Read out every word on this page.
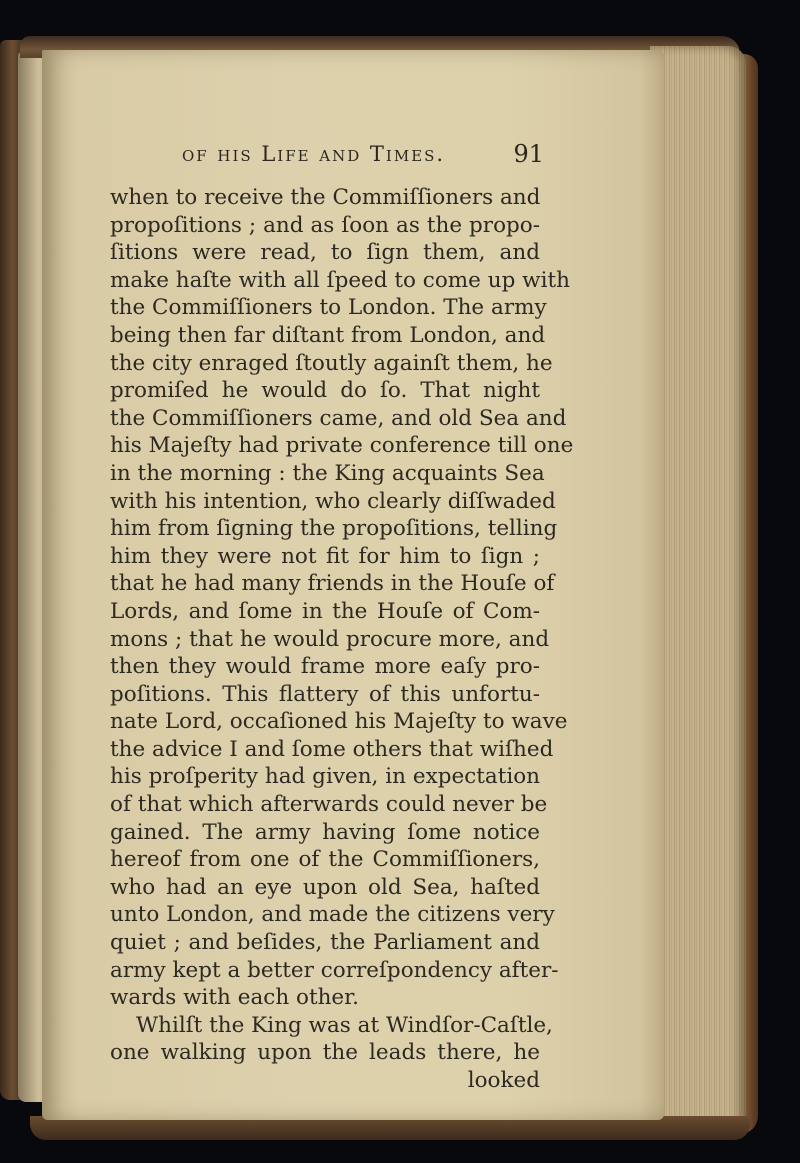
of his Life and Times.	91
when to receive the Commiſſioners and
propoſitions ; and as ſoon as the propo-
ſitions were read, to ſign them, and
make haſte with all ſpeed to come up with
the Commiſſioners to London. The army
being then far diſtant from London, and
the city enraged ſtoutly againſt them, he
promiſed he would do ſo. That night
the Commiſſioners came, and old Sea and
his Majeſty had private conference till one
in the morning : the King acquaints Sea
with his intention, who clearly diſſwaded
him from ſigning the propoſitions, telling
him they were not fit for him to ſign ;
that he had many friends in the Houſe of
Lords, and ſome in the Houſe of Com-
mons ; that he would procure more, and
then they would frame more eaſy pro-
poſitions. This flattery of this unfortu-
nate Lord, occaſioned his Majeſty to wave
the advice I and ſome others that wiſhed
his proſperity had given, in expectation
of that which afterwards could never be
gained. The army having ſome notice
hereof from one of the Commiſſioners,
who had an eye upon old Sea, haſted
unto London, and made the citizens very
quiet ; and beſides, the Parliament and
army kept a better correſpondency after-
wards with each other.
Whilſt the King was at Windſor-Caſtle,
one walking upon the leads there, he
looked
